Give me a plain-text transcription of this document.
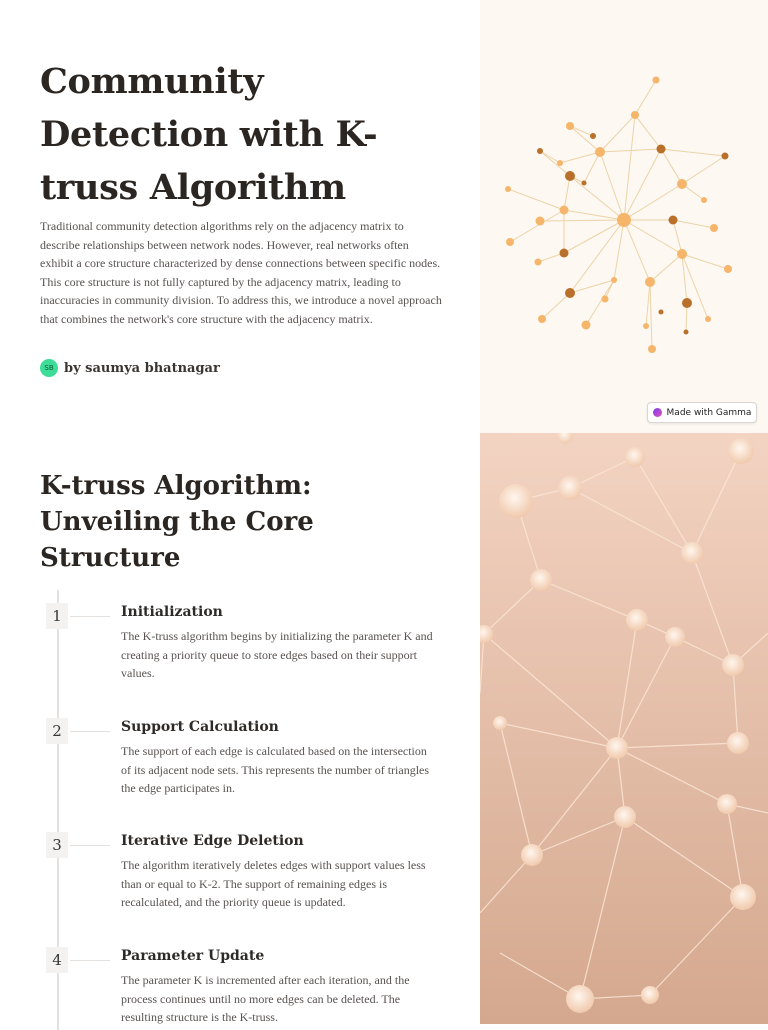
Community Detection with K-truss Algorithm

Traditional community detection algorithms rely on the adjacency matrix to describe relationships between network nodes. However, real networks often exhibit a core structure characterized by dense connections between specific nodes. This core structure is not fully captured by the adjacency matrix, leading to inaccuracies in community division. To address this, we introduce a novel approach that combines the network's core structure with the adjacency matrix.

SB by saumya bhatnagar
Made with Gamma
K-truss Algorithm: Unveiling the Core Structure
1	Initialization

The K-truss algorithm begins by initializing the parameter K and creating a priority queue to store edges based on their support values.

2	Support Calculation

The support of each edge is calculated based on the intersection of its adjacent node sets. This represents the number of triangles the edge participates in.

3	Iterative Edge Deletion

The algorithm iteratively deletes edges with support values less than or equal to K-2. The support of remaining edges is recalculated, and the priority queue is updated.

4	Parameter Update

The parameter K is incremented after each iteration, and the process continues until no more edges can be deleted. The resulting structure is the K-truss.
